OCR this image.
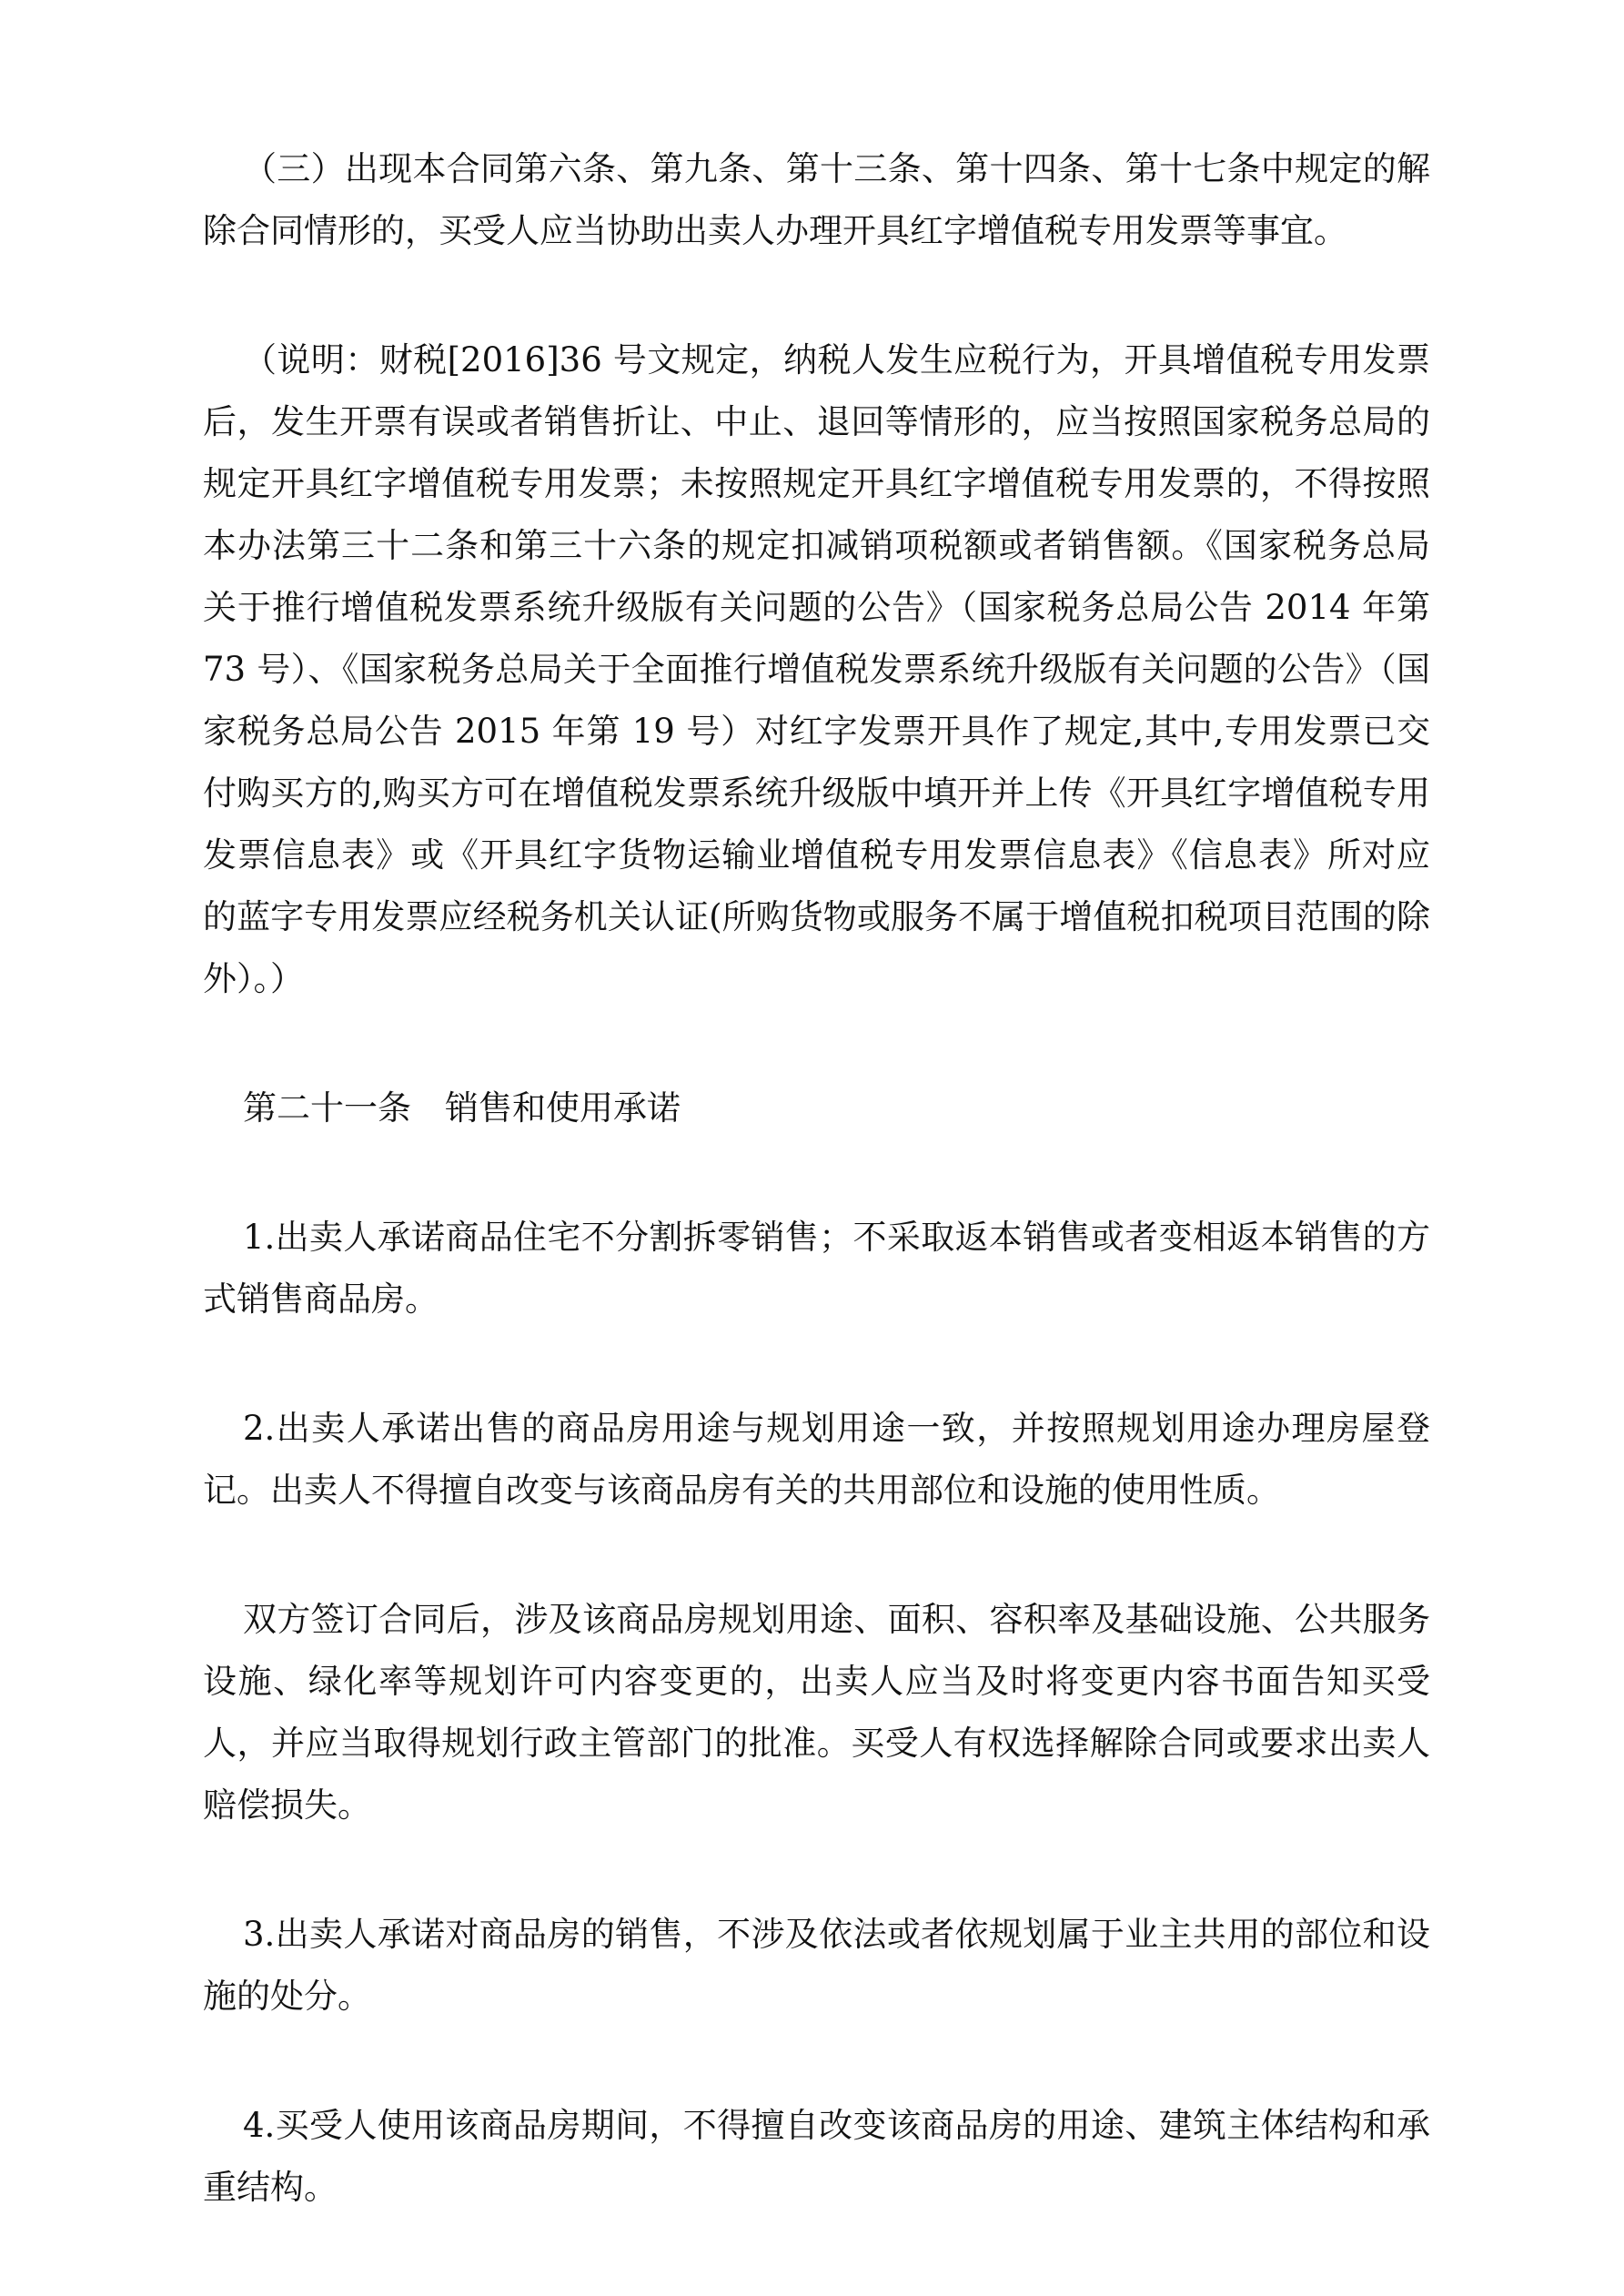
（三）出现本合同第六条、第九条、第十三条、第十四条、第十七条中规定的解除合同情形的，买受人应当协助出卖人办理开具红字增值税专用发票等事宜。

（说明：财税[2016]36 号文规定，纳税人发生应税行为，开具增值税专用发票后，发生开票有误或者销售折让、中止、退回等情形的，应当按照国家税务总局的规定开具红字增值税专用发票；未按照规定开具红字增值税专用发票的，不得按照本办法第三十二条和第三十六条的规定扣减销项税额或者销售额。《国家税务总局关于推行增值税发票系统升级版有关问题的公告》（国家税务总局公告 2014 年第 73 号）、《国家税务总局关于全面推行增值税发票系统升级版有关问题的公告》（国家税务总局公告 2015 年第 19 号）对红字发票开具作了规定,其中,专用发票已交付购买方的,购买方可在增值税发票系统升级版中填开并上传《开具红字增值税专用发票信息表》或《开具红字货物运输业增值税专用发票信息表》《信息表》所对应的蓝字专用发票应经税务机关认证(所购货物或服务不属于增值税扣税项目范围的除外）。）

第二十一条　销售和使用承诺

1.出卖人承诺商品住宅不分割拆零销售；不采取返本销售或者变相返本销售的方式销售商品房。

2.出卖人承诺出售的商品房用途与规划用途一致，并按照规划用途办理房屋登记。出卖人不得擅自改变与该商品房有关的共用部位和设施的使用性质。

双方签订合同后，涉及该商品房规划用途、面积、容积率及基础设施、公共服务设施、绿化率等规划许可内容变更的，出卖人应当及时将变更内容书面告知买受人，并应当取得规划行政主管部门的批准。买受人有权选择解除合同或要求出卖人赔偿损失。

3.出卖人承诺对商品房的销售，不涉及依法或者依规划属于业主共用的部位和设施的处分。

4.买受人使用该商品房期间，不得擅自改变该商品房的用途、建筑主体结构和承重结构。
